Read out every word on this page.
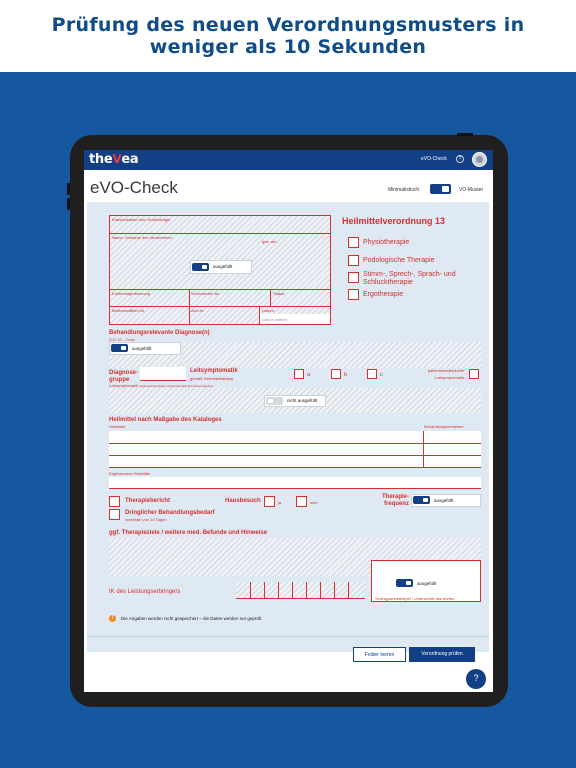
Prüfung des neuen Verordnungsmusters in
weniger als 10 Sekunden
theVea	eVO-Check	?
eVO-Check	Minimalistisch	VO-Muster
Krankenkasse bzw. Kostenträger
Name, Vorname des Versicherten
geb. am
ausgefüllt
Kostenträgerkennung	Versicherten-Nr.	Status
Betriebsstätten-Nr.	Arzt-Nr.	Datum
Datum wählen
Heilmittelverordnung 13
Physiotherapie
Podologische Therapie
Stimm-, Sprech-, Sprach- und Schlucktherapie
Ergotherapie
Behandlungsrelevante Diagnose(n)
ICD-10 - Code
ausgefüllt
Diagnose-
gruppe
Leitsymptomatik
gemäß Heilmittelkatalog
a	b	c
patientenindividuelle
Leitsymptomatik
Leitsymptomatik (patientenindividuelle Leitsymptomatik als Freitext angeben)
nicht ausgefüllt
Heilmittel nach Maßgabe des Kataloges
Heilmittel	Behandlungseinheiten
Ergänzendes Heilmittel
Therapiebericht	Hausbesuch	ja	nein
Therapie-
frequenz
ausgefüllt
Dringlicher Behandlungsbedarf
innerhalb von 14 Tagen
ggf. Therapieziele / weitere med. Befunde und Hinweise
IK des Leistungserbringers
ausgefüllt
Vertragsarztstempel / Unterschrift des Arztes
!	Die Angaben werden nicht gespeichert – die Daten werden nur geprüft.
Felder leeren	Verordnung prüfen
?
